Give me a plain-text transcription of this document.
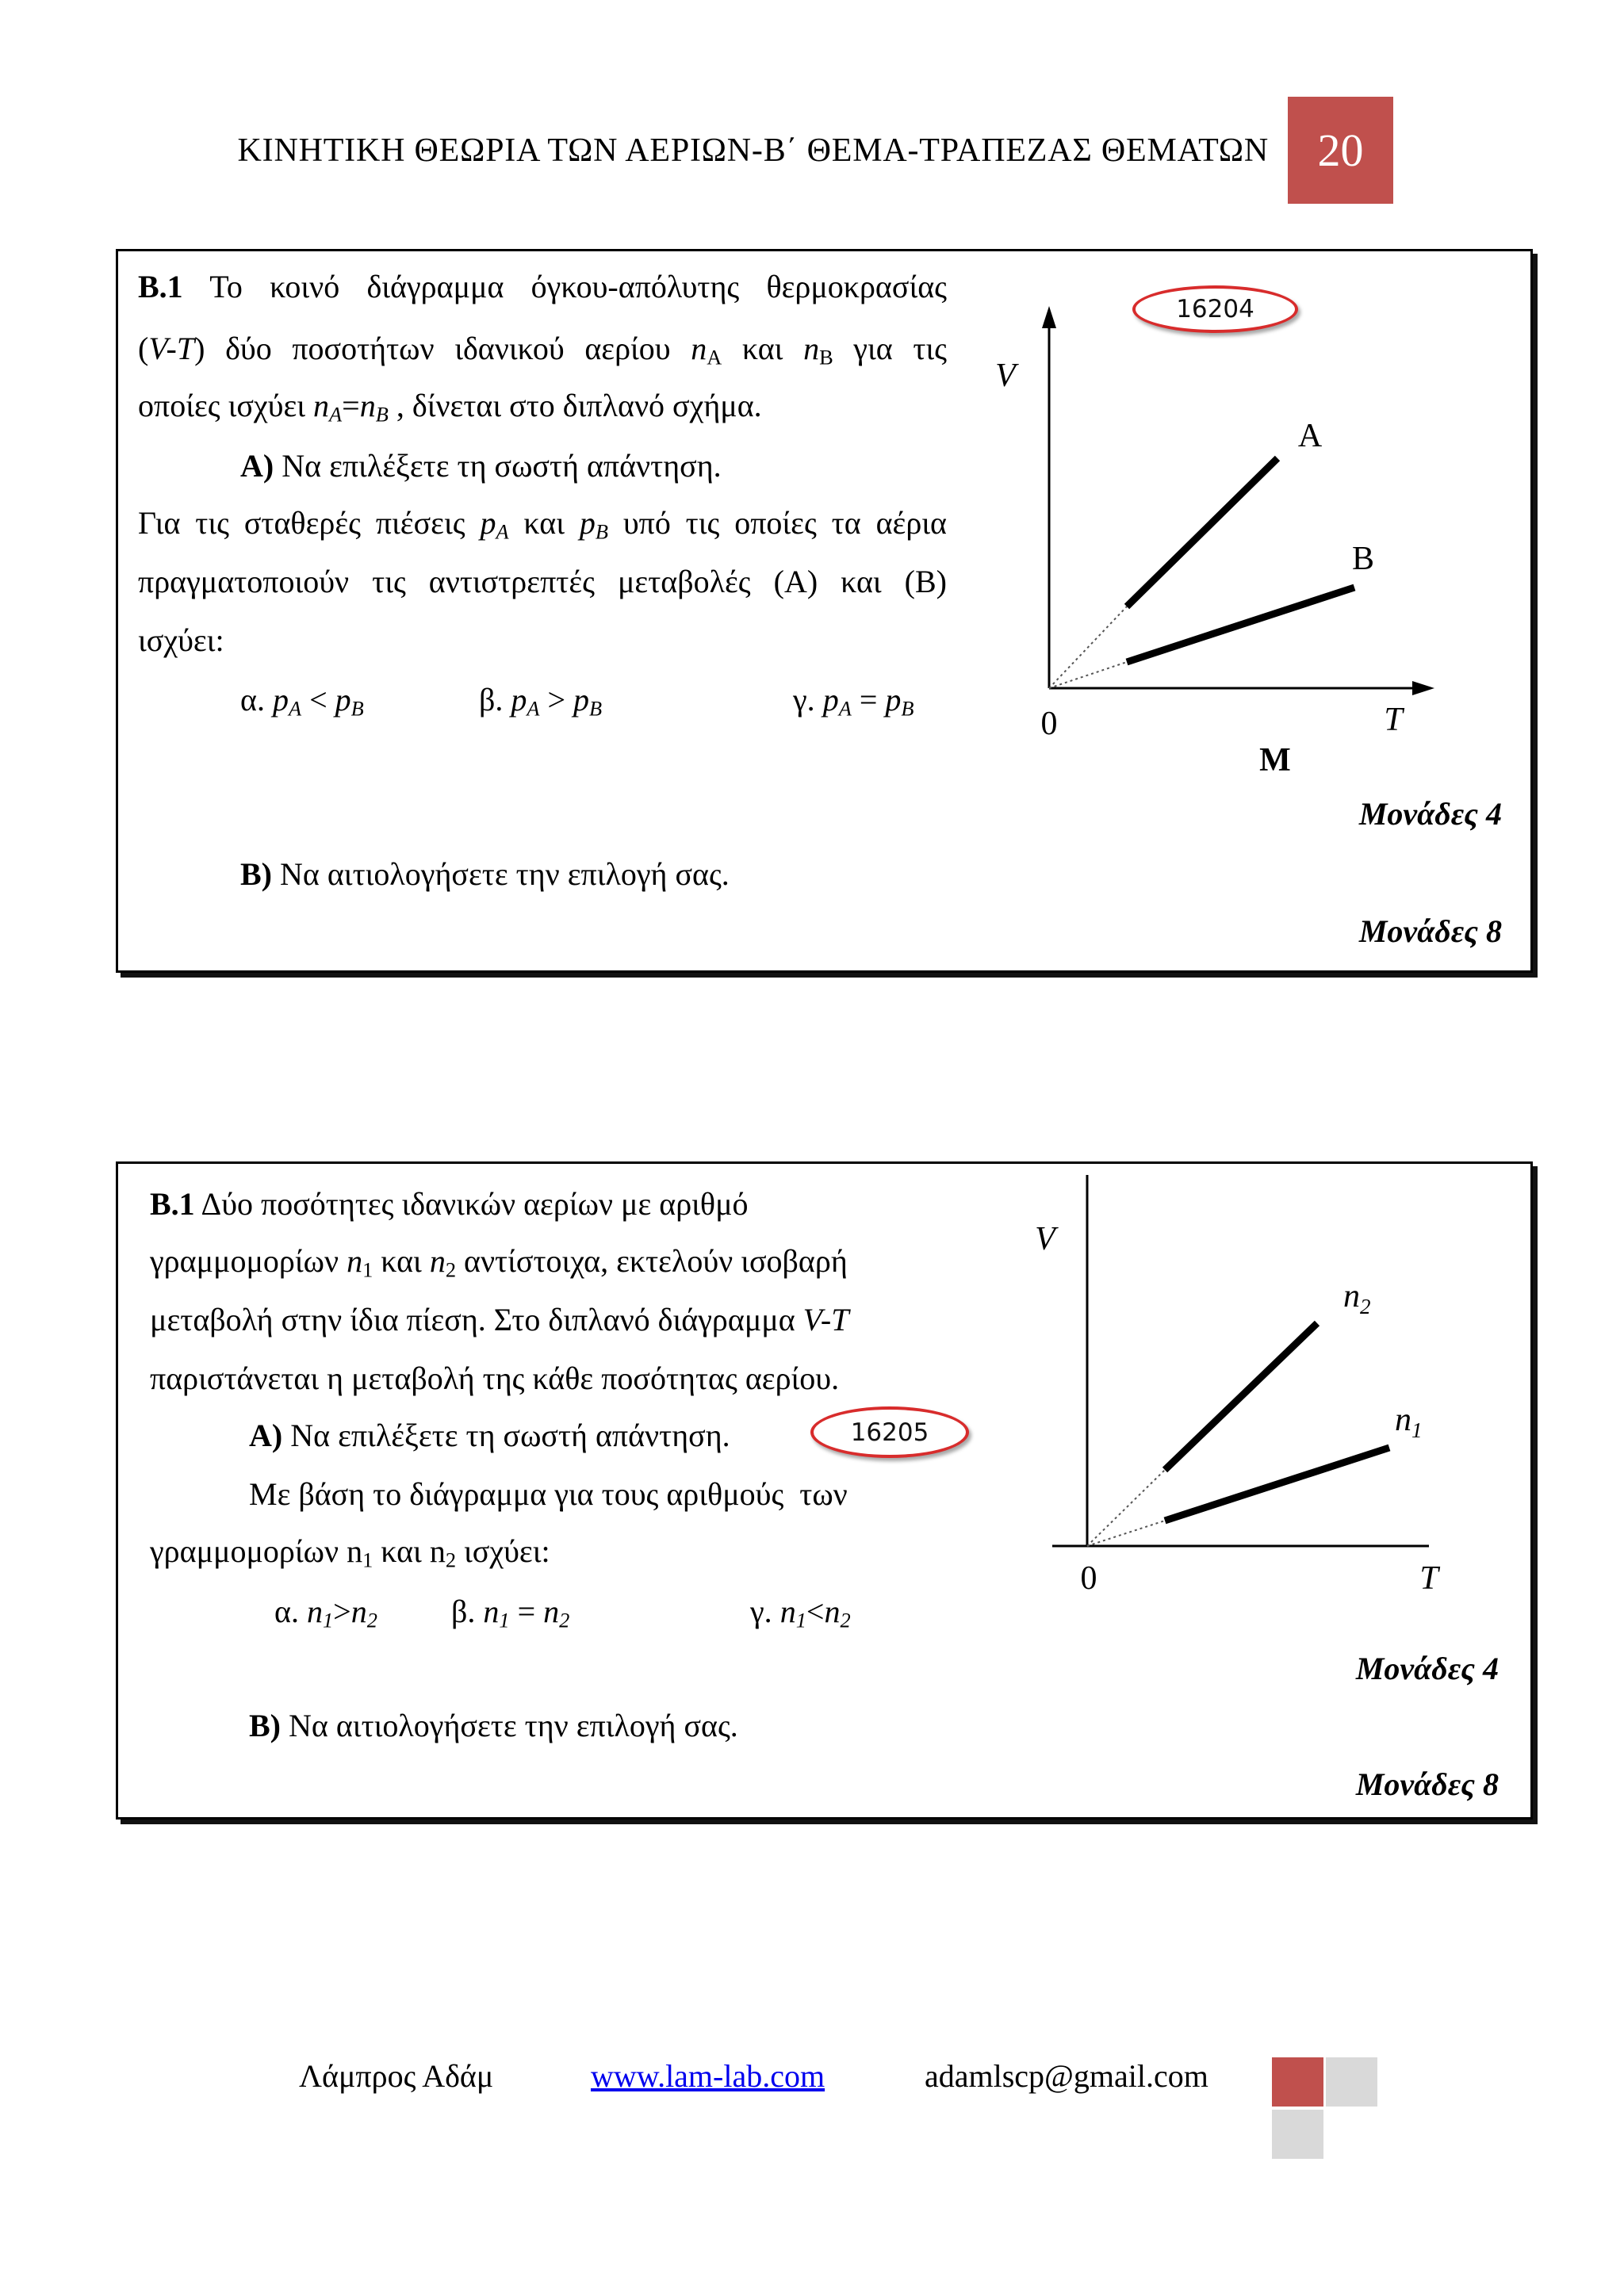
ΚΙΝΗΤΙΚΗ ΘΕΩΡΙΑ ΤΩΝ ΑΕΡΙΩΝ-Β΄ ΘΕΜΑ-ΤΡΑΠΕΖΑΣ ΘΕΜΑΤΩΝ 20
Β.1 Το κοινό διάγραμμα όγκου-απόλυτης θερμοκρασίας
(V-T) δύο ποσοτήτων ιδανικού αερίου $n_A$ και $n_B$ για τις
οποίες ισχύει $n_A=n_B$ , δίνεται στο διπλανό σχήμα.
Α) Να επιλέξετε τη σωστή απάντηση.
Για τις σταθερές πιέσεις $p_A$ και $p_B$ υπό τις οποίες τα αέρια
πραγματοποιούν τις αντιστρεπτές μεταβολές (Α) και (Β)
ισχύει:
α. $p_A < p_B$	β. $p_A > p_B$	γ. $p_A = p_B$
Μονάδες 4
Β) Να αιτιολογήσετε την επιλογή σας.
Μονάδες 8
16204
V
0	T
M
A
B
Β.1 Δύο ποσότητες ιδανικών αερίων με αριθμό
γραμμομορίων $n_1$ και $n_2$ αντίστοιχα, εκτελούν ισοβαρή
μεταβολή στην ίδια πίεση. Στο διπλανό διάγραμμα V-T
παριστάνεται η μεταβολή της κάθε ποσότητας αερίου.
Α) Να επιλέξετε τη σωστή απάντηση.
Με βάση το διάγραμμα για τους αριθμούς  των
γραμμομορίων $n_1$ και $n_2$ ισχύει:
α. $n_1>n_2$ β. $n_1 = n_2$	γ. $n_1<n_2$
Μονάδες 4
Β) Να αιτιολογήσετε την επιλογή σας.
Μονάδες 8
16205
V
0	T
$n_2$
$n_1$
Λάμπρος Αδάμ	www.lam-lab.com	adamlscp@gmail.com
